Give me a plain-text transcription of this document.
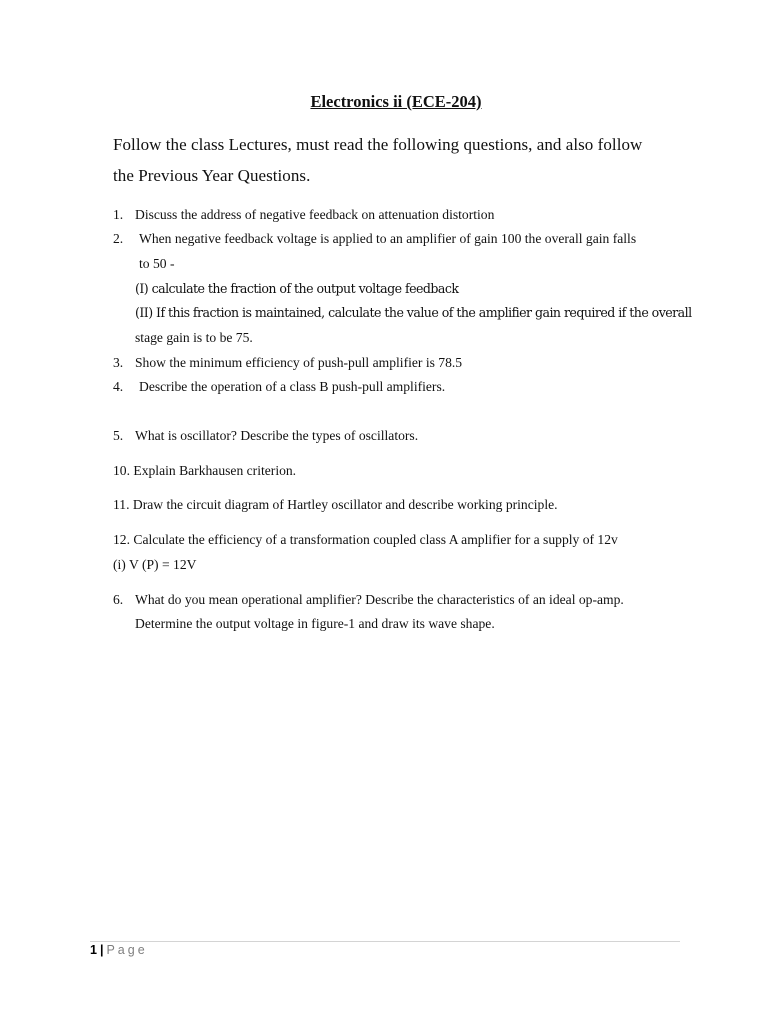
Electronics ii (ECE-204)
Follow the class Lectures, must read the following questions, and also follow
the Previous Year Questions.
1. Discuss the address of negative feedback on attenuation distortion
2. When negative feedback voltage is applied to an amplifier of gain 100 the overall gain falls
to 50 -
(I) calculate the fraction of the output voltage feedback
(II) If this fraction is maintained, calculate the value of the amplifier gain required if the overall
stage gain is to be 75.
3. Show the minimum efficiency of push-pull amplifier is 78.5
4. Describe the operation of a class B push-pull amplifiers.
5. What is oscillator? Describe the types of oscillators.
10. Explain Barkhausen criterion.
11. Draw the circuit diagram of Hartley oscillator and describe working principle.
12. Calculate the efficiency of a transformation coupled class A amplifier for a supply of 12v
(i) V (P) = 12V
6. What do you mean operational amplifier? Describe the characteristics of an ideal op-amp.
Determine the output voltage in figure-1 and draw its wave shape.
1 | Page
